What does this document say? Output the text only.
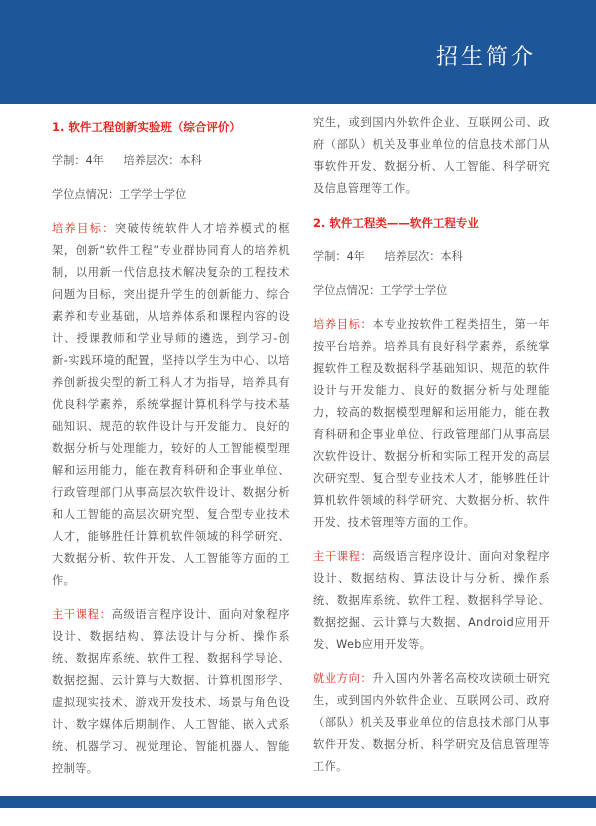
招生简介
1. 软件工程创新实验班（综合评价）
学制：4年 培养层次：本科
学位点情况：工学学士学位

培养目标：突破传统软件人才培养模式的框架，创新“软件工程”专业群协同育人的培养机制，以用新一代信息技术解决复杂的工程技术问题为目标，突出提升学生的创新能力、综合素养和专业基础，从培养体系和课程内容的设计、授课教师和学业导师的遴选，到学习-创新-实践环境的配置，坚持以学生为中心、以培养创新拔尖型的新工科人才为指导，培养具有优良科学素养，系统掌握计算机科学与技术基础知识、规范的软件设计与开发能力、良好的数据分析与处理能力，较好的人工智能模型理解和运用能力，能在教育科研和企事业单位、行政管理部门从事高层次软件设计、数据分析和人工智能的高层次研究型、复合型专业技术人才，能够胜任计算机软件领域的科学研究、大数据分析、软件开发、人工智能等方面的工作。

主干课程：高级语言程序设计、面向对象程序设计、数据结构、算法设计与分析、操作系统、数据库系统、软件工程、数据科学导论、数据挖掘、云计算与大数据、计算机图形学、虚拟现实技术、游戏开发技术、场景与角色设计、数字媒体后期制作、人工智能、嵌入式系统、机器学习、视觉理论、智能机器人、智能控制等。

究生，或到国内外软件企业、互联网公司、政府（部队）机关及事业单位的信息技术部门从事软件开发、数据分析、人工智能、科学研究及信息管理等工作。

2. 软件工程类——软件工程专业
学制：4年 培养层次：本科
学位点情况：工学学士学位

培养目标：本专业按软件工程类招生，第一年按平台培养。培养具有良好科学素养，系统掌握软件工程及数据科学基础知识、规范的软件设计与开发能力、良好的数据分析与处理能力，较高的数据模型理解和运用能力，能在教育科研和企事业单位、行政管理部门从事高层次软件设计、数据分析和实际工程开发的高层次研究型、复合型专业技术人才，能够胜任计算机软件领域的科学研究、大数据分析、软件开发、技术管理等方面的工作。

主干课程：高级语言程序设计、面向对象程序设计、数据结构、算法设计与分析、操作系统、数据库系统、软件工程、数据科学导论、数据挖掘、云计算与大数据、Android应用开发、Web应用开发等。

就业方向：升入国内外著名高校攻读硕士研究生，或到国内外软件企业、互联网公司、政府（部队）机关及事业单位的信息技术部门从事软件开发、数据分析、科学研究及信息管理等工作。
